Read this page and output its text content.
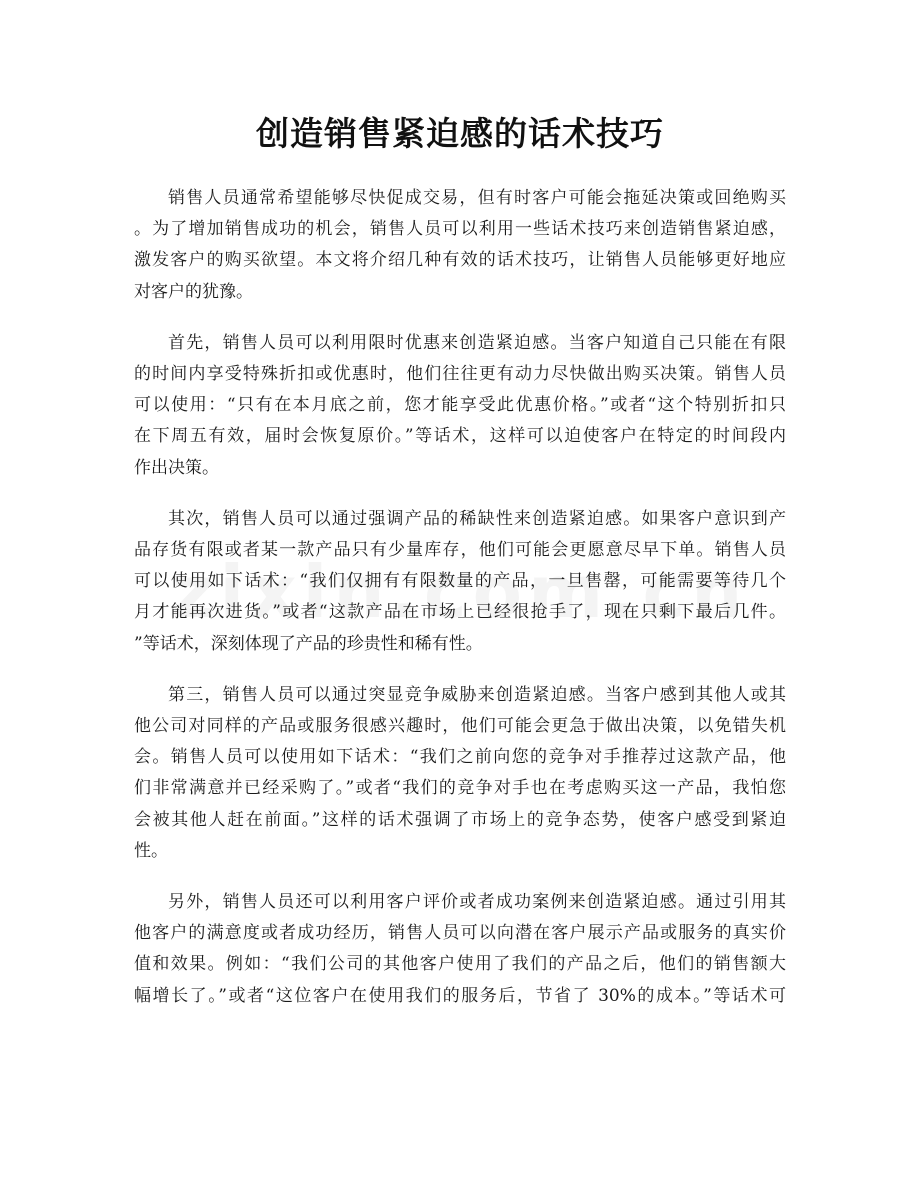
创造销售紧迫感的话术技巧

销售人员通常希望能够尽快促成交易，但有时客户可能会拖延决策或回绝购买
。为了增加销售成功的机会，销售人员可以利用一些话术技巧来创造销售紧迫感，
激发客户的购买欲望。本文将介绍几种有效的话术技巧，让销售人员能够更好地应
对客户的犹豫。

首先，销售人员可以利用限时优惠来创造紧迫感。当客户知道自己只能在有限
的时间内享受特殊折扣或优惠时，他们往往更有动力尽快做出购买决策。销售人员
可以使用：“只有在本月底之前，您才能享受此优惠价格。”或者“这个特别折扣只
在下周五有效，届时会恢复原价。”等话术，这样可以迫使客户在特定的时间段内
作出决策。

其次，销售人员可以通过强调产品的稀缺性来创造紧迫感。如果客户意识到产
品存货有限或者某一款产品只有少量库存，他们可能会更愿意尽早下单。销售人员
可以使用如下话术：“我们仅拥有有限数量的产品，一旦售罄，可能需要等待几个
月才能再次进货。”或者“这款产品在市场上已经很抢手了，现在只剩下最后几件。
”等话术，深刻体现了产品的珍贵性和稀有性。

第三，销售人员可以通过突显竞争威胁来创造紧迫感。当客户感到其他人或其
他公司对同样的产品或服务很感兴趣时，他们可能会更急于做出决策，以免错失机
会。销售人员可以使用如下话术：“我们之前向您的竞争对手推荐过这款产品，他
们非常满意并已经采购了。”或者“我们的竞争对手也在考虑购买这一产品，我怕您
会被其他人赶在前面。”这样的话术强调了市场上的竞争态势，使客户感受到紧迫
性。

另外，销售人员还可以利用客户评价或者成功案例来创造紧迫感。通过引用其
他客户的满意度或者成功经历，销售人员可以向潜在客户展示产品或服务的真实价
值和效果。例如：“我们公司的其他客户使用了我们的产品之后，他们的销售额大
幅增长了。”或者“这位客户在使用我们的服务后，节省了 30%的成本。”等话术可
